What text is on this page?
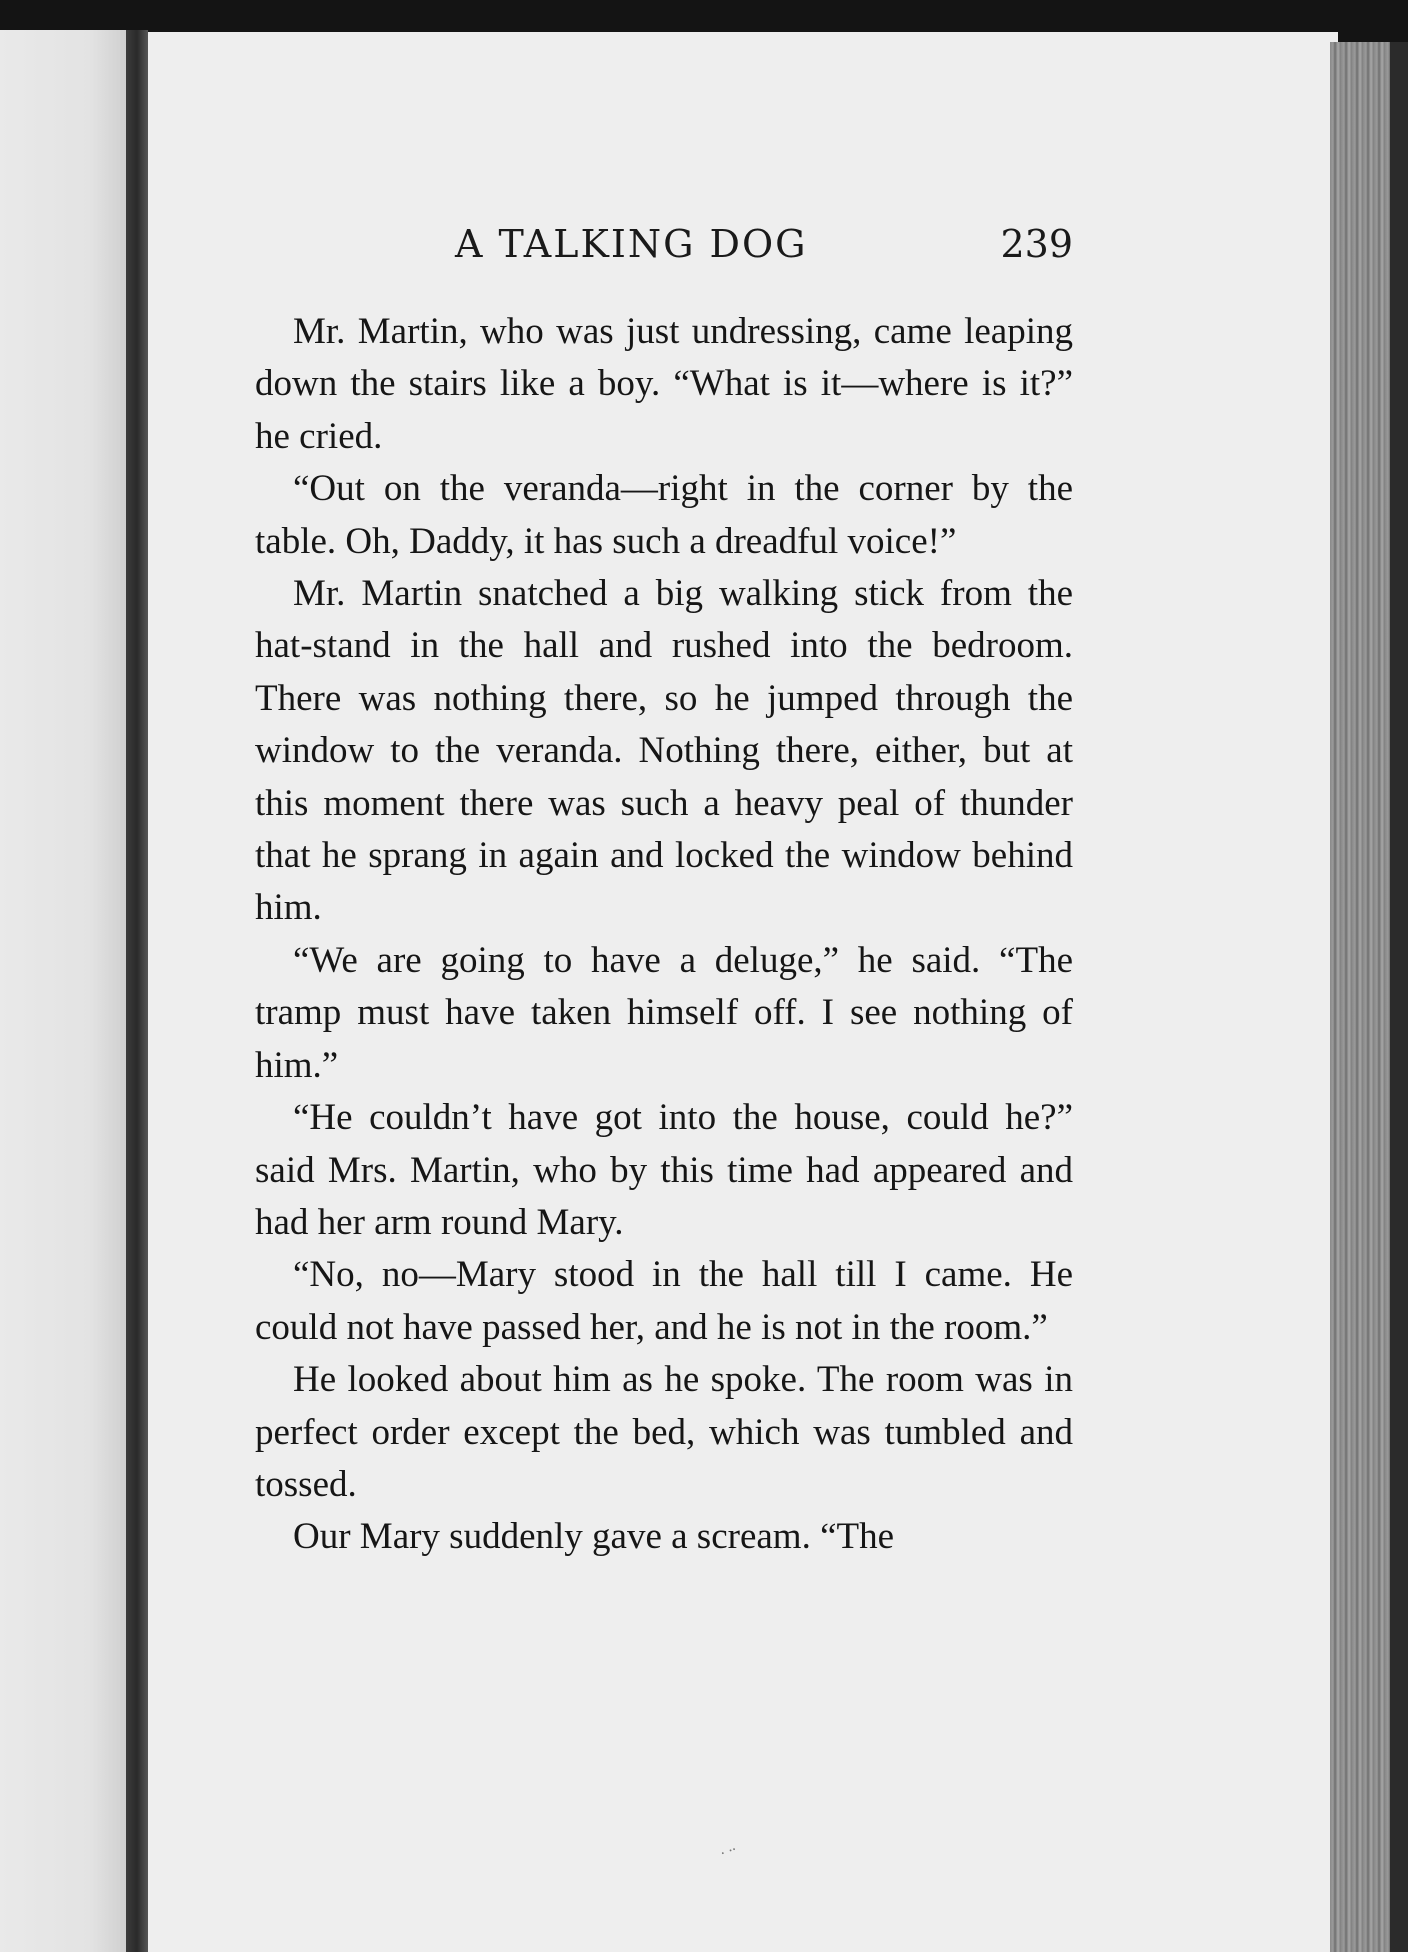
A TALKING DOG	239

Mr. Martin, who was just undressing, came leaping down the stairs like a boy. “What is it—where is it?” he cried.

“Out on the veranda—right in the corner by the table. Oh, Daddy, it has such a dreadful voice!”

Mr. Martin snatched a big walking stick from the hat-stand in the hall and rushed into the bedroom. There was nothing there, so he jumped through the window to the veranda. Nothing there, either, but at this moment there was such a heavy peal of thunder that he sprang in again and locked the window behind him.

“We are going to have a deluge,” he said. “The tramp must have taken himself off. I see nothing of him.”

“He couldn’t have got into the house, could he?” said Mrs. Martin, who by this time had appeared and had her arm round Mary.

“No, no—Mary stood in the hall till I came. He could not have passed her, and he is not in the room.”

He looked about him as he spoke. The room was in perfect order except the bed, which was tumbled and tossed.

Our Mary suddenly gave a scream. “The

⸳ ⸳⸳
